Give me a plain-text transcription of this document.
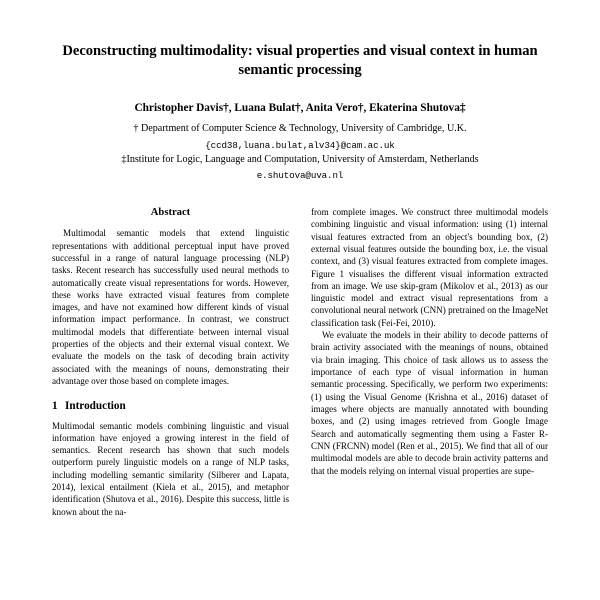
Deconstructing multimodality: visual properties and visual context in human semantic processing
Christopher Davis†, Luana Bulat†, Anita Vero†, Ekaterina Shutova‡
† Department of Computer Science & Technology, University of Cambridge, U.K.
{ccd38,luana.bulat,alv34}@cam.ac.uk
‡Institute for Logic, Language and Computation, University of Amsterdam, Netherlands
e.shutova@uva.nl
Abstract

Multimodal semantic models that extend linguistic representations with additional perceptual input have proved successful in a range of natural language processing (NLP) tasks. Recent research has successfully used neural methods to automatically create visual representations for words. However, these works have extracted visual features from complete images, and have not examined how different kinds of visual information impact performance. In contrast, we construct multimodal models that differentiate between internal visual properties of the objects and their external visual context. We evaluate the models on the task of decoding brain activity associated with the meanings of nouns, demonstrating their advantage over those based on complete images.

1 Introduction

Multimodal semantic models combining linguistic and visual information have enjoyed a growing interest in the field of semantics. Recent research has shown that such models outperform purely linguistic models on a range of NLP tasks, including modelling semantic similarity (Silberer and Lapata, 2014), lexical entailment (Kiela et al., 2015), and metaphor identification (Shutova et al., 2016). Despite this success, little is known about the na-

from complete images. We construct three multimodal models combining linguistic and visual information: using (1) internal visual features extracted from an object's bounding box, (2) external visual features outside the bounding box, i.e. the visual context, and (3) visual features extracted from complete images. Figure 1 visualises the different visual information extracted from an image. We use skip-gram (Mikolov et al., 2013) as our linguistic model and extract visual representations from a convolutional neural network (CNN) pretrained on the ImageNet classification task (Fei-Fei, 2010).

We evaluate the models in their ability to decode patterns of brain activity associated with the meanings of nouns, obtained via brain imaging. This choice of task allows us to assess the importance of each type of visual information in human semantic processing. Specifically, we perform two experiments: (1) using the Visual Genome (Krishna et al., 2016) dataset of images where objects are manually annotated with bounding boxes, and (2) using images retrieved from Google Image Search and automatically segmenting them using a Faster R-CNN (FRCNN) model (Ren et al., 2015). We find that all of our multimodal models are able to decode brain activity patterns and that the models relying on internal visual properties are supe-
